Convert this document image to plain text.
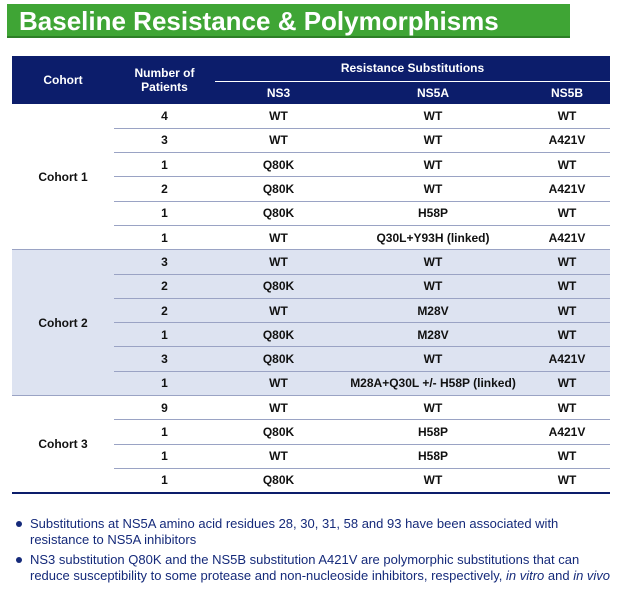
Baseline Resistance & Polymorphisms
Cohort	Number of Patients	Resistance Substitutions		
		NS3	NS5A	NS5B
Cohort 1	4	WT	WT	WT
	3	WT	WT	A421V
	1	Q80K	WT	WT
	2	Q80K	WT	A421V
	1	Q80K	H58P	WT
	1	WT	Q30L+Y93H (linked)	A421V
Cohort 2	3	WT	WT	WT
	2	Q80K	WT	WT
	2	WT	M28V	WT
	1	Q80K	M28V	WT
	3	Q80K	WT	A421V
	1	WT	M28A+Q30L +/- H58P (linked)	WT
Cohort 3	9	WT	WT	WT
	1	Q80K	H58P	A421V
	1	WT	H58P	WT
	1	Q80K	WT	WT
Substitutions at NS5A amino acid residues 28, 30, 31, 58 and 93 have been associated with resistance to NS5A inhibitors
NS3 substitution Q80K and the NS5B substitution A421V are polymorphic substitutions that can reduce susceptibility to some protease and non-nucleoside inhibitors, respectively, in vitro and in vivo
